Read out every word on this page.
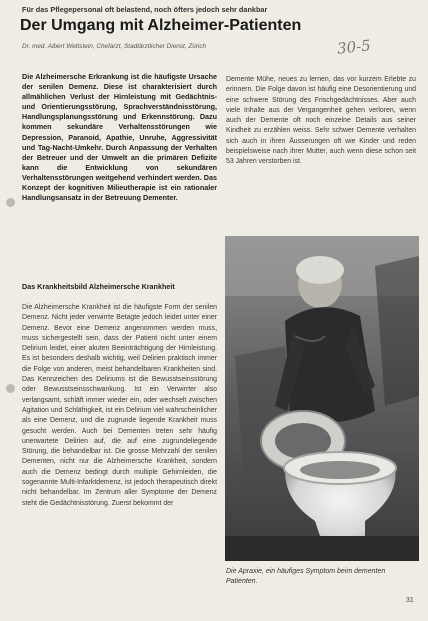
Für das Pflegepersonal oft belastend, noch öfters jedoch sehr dankbar
Der Umgang mit Alzheimer-Patienten
Dr. med. Albert Wettstein, Chefarzt, Stadtärztlicher Dienst, Zürich	30-5

Die Alzheimersche Erkrankung ist die häufigste Ursache der senilen Demenz. Diese ist charakterisiert durch allmählichen Verlust der Hirnleistung mit Gedächtnis- und Orientierungsstörung, Sprachverständnisstörung, Handlungsplanungsstörung und Erkennstörung. Dazu kommen sekundäre Verhaltensstörungen wie Depression, Paranoid, Apathie, Unruhe, Aggressivität und Tag-Nacht-Umkehr. Durch Anpassung der Verhalten der Betreuer und der Umwelt an die primären Defizite kann die Entwicklung von sekundären Verhaltensstörungen weitgehend verhindert werden. Das Konzept der kognitiven Milieutherapie ist ein rationaler Handlungsansatz in der Betreuung Dementer.

Demente Mühe, neues zu lernen, das vor kurzem Erlebte zu erinnern. Die Folge davon ist häufig eine Desorientierung und eine schwere Störung des Frischgedächtnisses. Aber auch viele Inhalte aus der Vergangenheit gehen verloren, wenn auch der Demente oft noch einzelne Details aus seiner Kindheit zu erzählen weiss. Sehr schwer Demente verhalten sich auch in ihren Äusserungen oft wie Kinder und reden beispielsweise nach ihrer Mutter, auch wenn diese schon seit 53 Jahren verstorben ist.

Das Krankheitsbild Alzheimersche Krankheit

Die Alzheimersche Krankheit ist die häufigste Form der senilen Demenz. Nicht jeder verwirrte Betagte jedoch leidet unter einer Demenz. Bevor eine Demenz angenommen werden muss, muss sichergestellt sein, dass der Patient nicht unter einem Delirium leidet, einer akuten Beeinträchtigung der Hirnleistung. Es ist besonders deshalb wichtig, weil Delirien praktisch immer die Folge von anderen, meist behandelbaren Krankheiten sind. Das Kennzeichen des Deliriums ist die Bewusstseinsstörung oder Bewusstseinsschwankung. Ist ein Verwirrter also verlangsamt, schläft immer wieder ein, oder wechselt zwischen Agitation und Schläfrigkeit, ist ein Delirium viel wahrscheinlicher als eine Demenz, und die zugrunde liegende Krankheit muss gesucht werden. Auch bei Dementen treten sehr häufig unerwartete Delirien auf, die auf eine zugrundeliegende Störung, die behandelbar ist. Die grosse Mehrzahl der senilen Dementen, nicht nur die Alzheimersche Krankheit, sondern auch die Demenz bedingt durch multiple Gehirnleiden, die sogenannte Multi-Infarktdemenz, ist jedoch therapeutisch direkt nicht behandelbar. Im Zentrum aller Symptome der Demenz steht die Gedächtnisstörung. Zuerst bekommt der

Die Apraxie, ein häufiges Symptom beim dementen Patienten.

31
